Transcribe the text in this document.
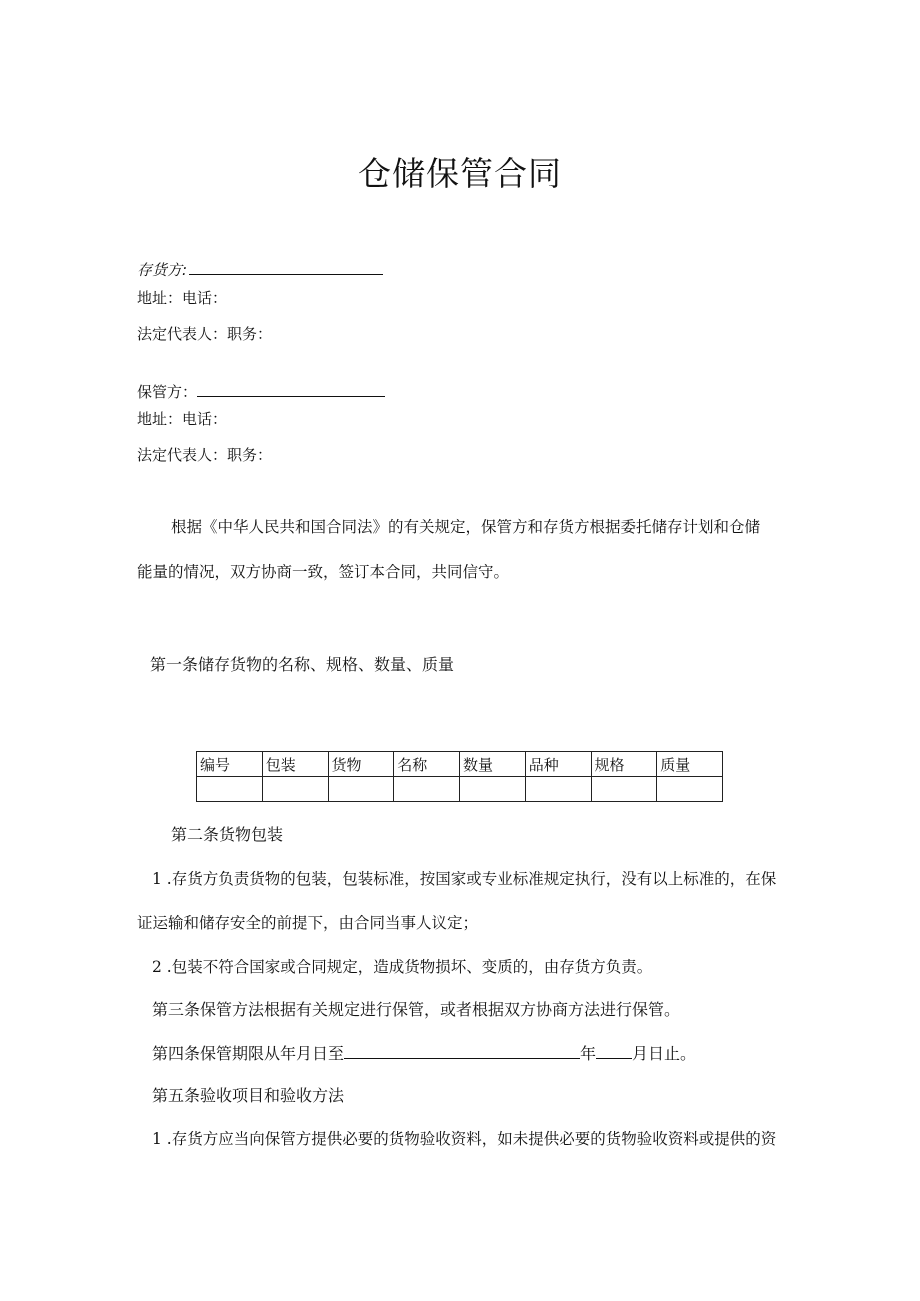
仓储保管合同
存货方:
地址：电话：
法定代表人：职务：
保管方：
地址：电话：
法定代表人：职务：
根据《中华人民共和国合同法》的有关规定，保管方和存货方根据委托储存计划和仓储
能量的情况，双方协商一致，签订本合同，共同信守。
第一条储存货物的名称、规格、数量、质量
编号	包装	货物	名称	数量	品种	规格	质量

第二条货物包装
1 .存货方负责货物的包装，包装标准，按国家或专业标准规定执行，没有以上标准的，在保
证运输和储存安全的前提下，由合同当事人议定；
2 .包装不符合国家或合同规定，造成货物损坏、变质的，由存货方负责。
第三条保管方法根据有关规定进行保管，或者根据双方协商方法进行保管。
第四条保管期限从年月日至	年 月日止。
第五条验收项目和验收方法
1 .存货方应当向保管方提供必要的货物验收资料，如未提供必要的货物验收资料或提供的资
